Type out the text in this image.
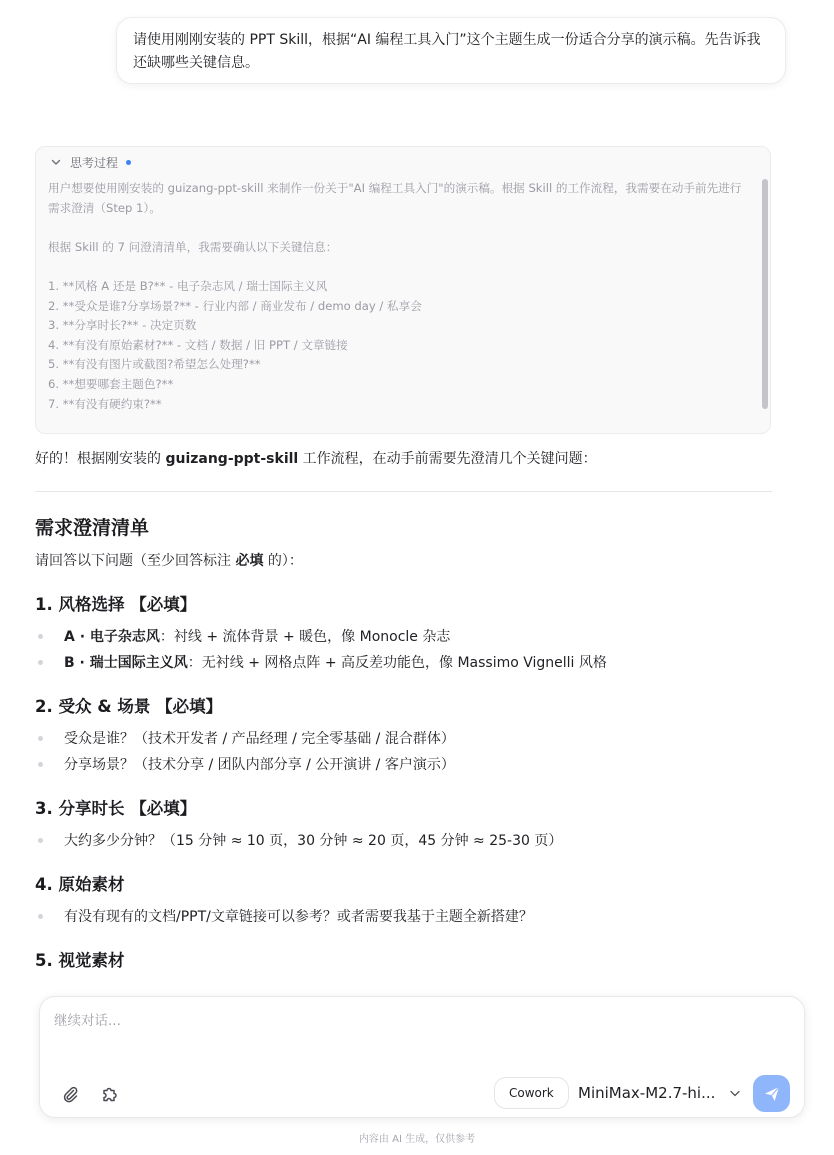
请使用刚刚安装的 PPT Skill，根据“AI 编程工具入门”这个主题生成一份适合分享的演示稿。先告诉我还缺哪些关键信息。
思考过程
用户想要使用刚安装的 guizang-ppt-skill 来制作一份关于"AI 编程工具入门"的演示稿。根据 Skill 的工作流程，我需要在动手前先进行需求澄清（Step 1）。
根据 Skill 的 7 问澄清清单，我需要确认以下关键信息：
1. **风格 A 还是 B?** - 电子杂志风 / 瑞士国际主义风
2. **受众是谁?分享场景?** - 行业内部 / 商业发布 / demo day / 私享会
3. **分享时长?** - 决定页数
4. **有没有原始素材?** - 文档 / 数据 / 旧 PPT / 文章链接
5. **有没有图片或截图?希望怎么处理?**
6. **想要哪套主题色?**
7. **有没有硬约束?**
好的！根据刚安装的 guizang-ppt-skill 工作流程，在动手前需要先澄清几个关键问题：
需求澄清清单
请回答以下问题（至少回答标注 必填 的）：
1. 风格选择 【必填】
A · 电子杂志风：衬线 + 流体背景 + 暖色，像 Monocle 杂志
B · 瑞士国际主义风：无衬线 + 网格点阵 + 高反差功能色，像 Massimo Vignelli 风格
2. 受众 & 场景 【必填】
受众是谁？（技术开发者 / 产品经理 / 完全零基础 / 混合群体）
分享场景？（技术分享 / 团队内部分享 / 公开演讲 / 客户演示）
3. 分享时长 【必填】
大约多少分钟？（15 分钟 ≈ 10 页，30 分钟 ≈ 20 页，45 分钟 ≈ 25-30 页）
4. 原始素材
有没有现有的文档/PPT/文章链接可以参考？或者需要我基于主题全新搭建？
5. 视觉素材
继续对话...
Cowork	MiniMax-M2.7-hi...
内容由 AI 生成，仅供参考
